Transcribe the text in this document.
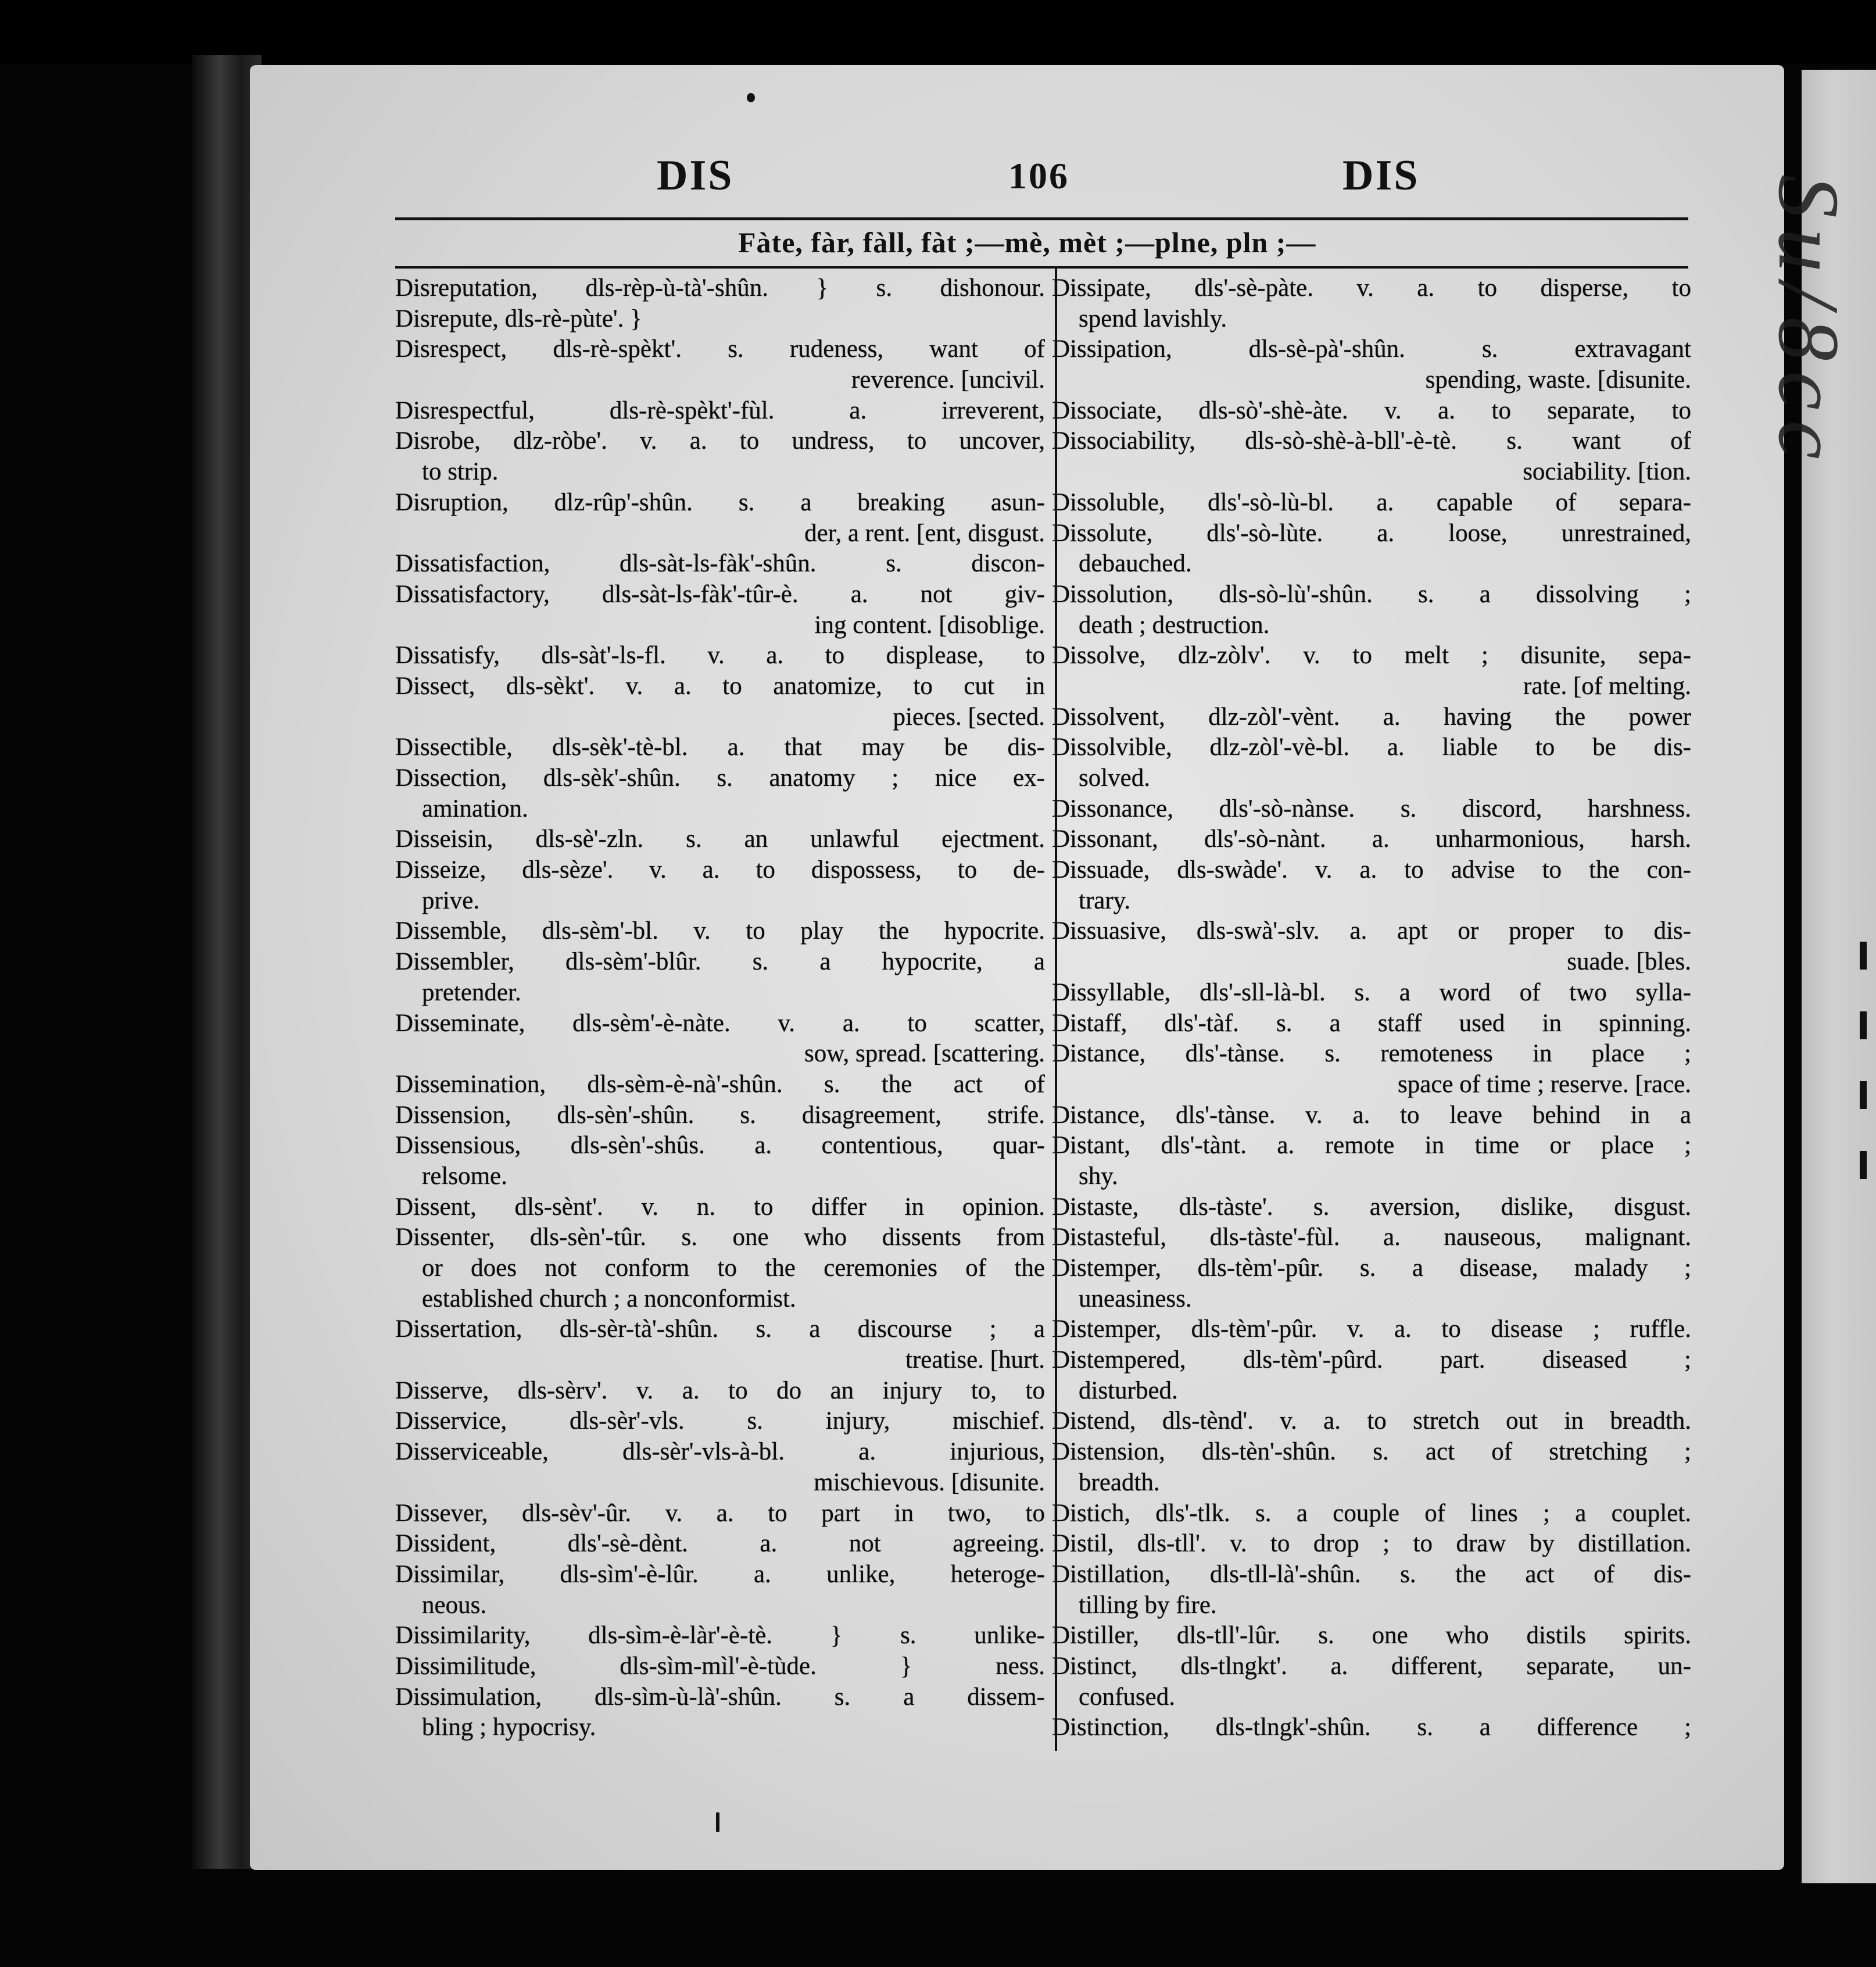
Su/8cc
DIS	106	DIS
Fàte, fàr, fàll, fàt ;—mè, mèt ;—plne, pln ;—
Disreputation, dls-rèp-ù-tà'-shûn. } s. dishonour.
Disrepute, dls-rè-pùte'. }
Disrespect, dls-rè-spèkt'. s. rudeness, want of
reverence. [uncivil.
Disrespectful, dls-rè-spèkt'-fùl. a. irreverent,
Disrobe, dlz-ròbe'. v. a. to undress, to uncover,
to strip.
Disruption, dlz-rûp'-shûn. s. a breaking asun-
der, a rent. [ent, disgust.
Dissatisfaction, dls-sàt-ls-fàk'-shûn. s. discon-
Dissatisfactory, dls-sàt-ls-fàk'-tûr-è. a. not giv-
ing content. [disoblige.
Dissatisfy, dls-sàt'-ls-fl. v. a. to displease, to
Dissect, dls-sèkt'. v. a. to anatomize, to cut in
pieces. [sected.
Dissectible, dls-sèk'-tè-bl. a. that may be dis-
Dissection, dls-sèk'-shûn. s. anatomy ; nice ex-
amination.
Disseisin, dls-sè'-zln. s. an unlawful ejectment.
Disseize, dls-sèze'. v. a. to dispossess, to de-
prive.
Dissemble, dls-sèm'-bl. v. to play the hypocrite.
Dissembler, dls-sèm'-blûr. s. a hypocrite, a
pretender.
Disseminate, dls-sèm'-è-nàte. v. a. to scatter,
sow, spread. [scattering.
Dissemination, dls-sèm-è-nà'-shûn. s. the act of
Dissension, dls-sèn'-shûn. s. disagreement, strife.
Dissensious, dls-sèn'-shûs. a. contentious, quar-
relsome.
Dissent, dls-sènt'. v. n. to differ in opinion.
Dissenter, dls-sèn'-tûr. s. one who dissents from
or does not conform to the ceremonies of the
established church ; a nonconformist.
Dissertation, dls-sèr-tà'-shûn. s. a discourse ; a
treatise. [hurt.
Disserve, dls-sèrv'. v. a. to do an injury to, to
Disservice, dls-sèr'-vls. s. injury, mischief.
Disserviceable, dls-sèr'-vls-à-bl. a. injurious,
mischievous. [disunite.
Dissever, dls-sèv'-ûr. v. a. to part in two, to
Dissident, dls'-sè-dènt. a. not agreeing.
Dissimilar, dls-sìm'-è-lûr. a. unlike, heteroge-
neous.
Dissimilarity, dls-sìm-è-làr'-è-tè. } s. unlike-
Dissimilitude, dls-sìm-mìl'-è-tùde. } ness.
Dissimulation, dls-sìm-ù-là'-shûn. s. a dissem-
bling ; hypocrisy.
Dissipate, dls'-sè-pàte. v. a. to disperse, to
spend lavishly.
Dissipation, dls-sè-pà'-shûn. s. extravagant
spending, waste. [disunite.
Dissociate, dls-sò'-shè-àte. v. a. to separate, to
Dissociability, dls-sò-shè-à-bll'-è-tè. s. want of
sociability. [tion.
Dissoluble, dls'-sò-lù-bl. a. capable of separa-
Dissolute, dls'-sò-lùte. a. loose, unrestrained,
debauched.
Dissolution, dls-sò-lù'-shûn. s. a dissolving ;
death ; destruction.
Dissolve, dlz-zòlv'. v. to melt ; disunite, sepa-
rate. [of melting.
Dissolvent, dlz-zòl'-vènt. a. having the power
Dissolvible, dlz-zòl'-vè-bl. a. liable to be dis-
solved.
Dissonance, dls'-sò-nànse. s. discord, harshness.
Dissonant, dls'-sò-nànt. a. unharmonious, harsh.
Dissuade, dls-swàde'. v. a. to advise to the con-
trary.
Dissuasive, dls-swà'-slv. a. apt or proper to dis-
suade. [bles.
Dissyllable, dls'-sll-là-bl. s. a word of two sylla-
Distaff, dls'-tàf. s. a staff used in spinning.
Distance, dls'-tànse. s. remoteness in place ;
space of time ; reserve. [race.
Distance, dls'-tànse. v. a. to leave behind in a
Distant, dls'-tànt. a. remote in time or place ;
shy.
Distaste, dls-tàste'. s. aversion, dislike, disgust.
Distasteful, dls-tàste'-fùl. a. nauseous, malignant.
Distemper, dls-tèm'-pûr. s. a disease, malady ;
uneasiness.
Distemper, dls-tèm'-pûr. v. a. to disease ; ruffle.
Distempered, dls-tèm'-pûrd. part. diseased ;
disturbed.
Distend, dls-tènd'. v. a. to stretch out in breadth.
Distension, dls-tèn'-shûn. s. act of stretching ;
breadth.
Distich, dls'-tlk. s. a couple of lines ; a couplet.
Distil, dls-tll'. v. to drop ; to draw by distillation.
Distillation, dls-tll-là'-shûn. s. the act of dis-
tilling by fire.
Distiller, dls-tll'-lûr. s. one who distils spirits.
Distinct, dls-tlngkt'. a. different, separate, un-
confused.
Distinction, dls-tlngk'-shûn. s. a difference ;
